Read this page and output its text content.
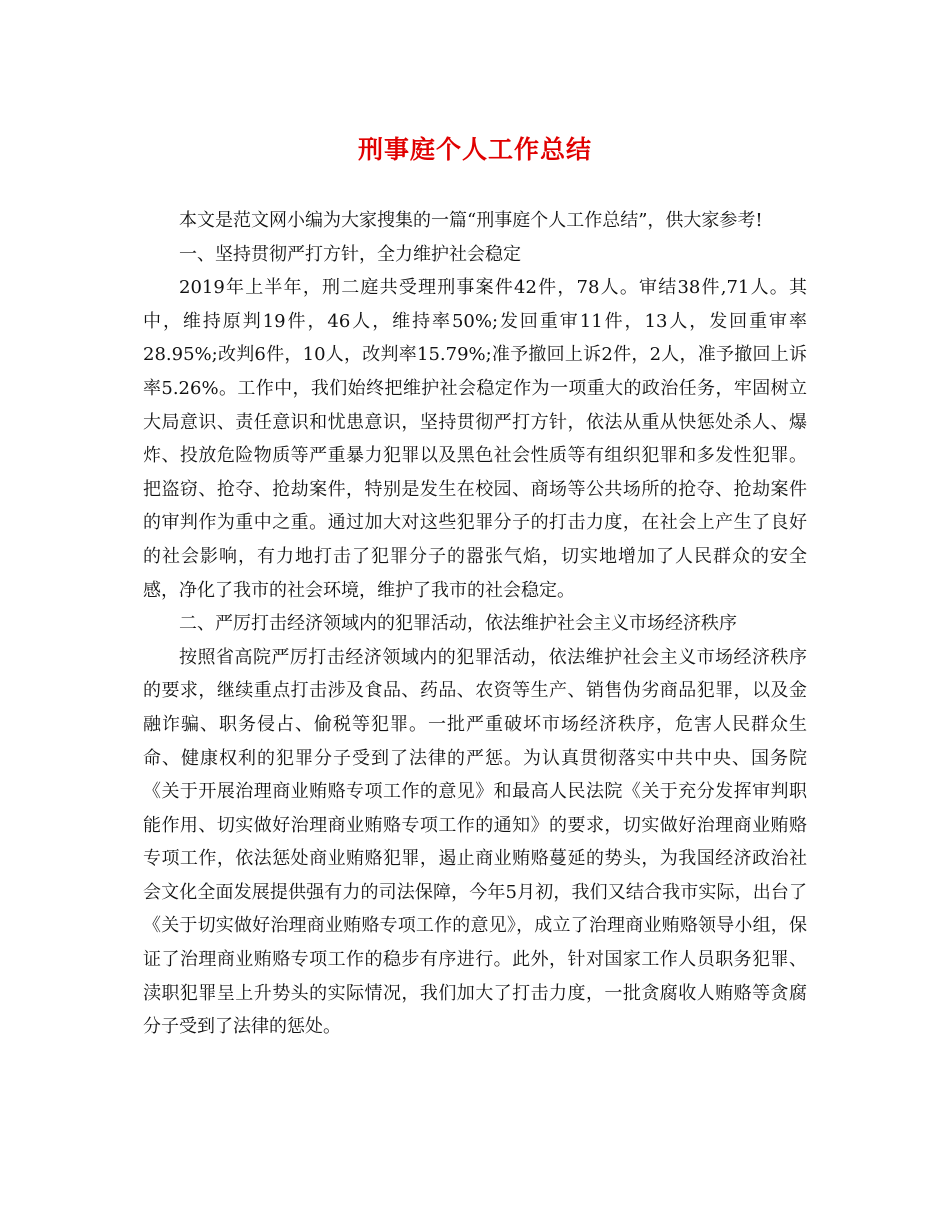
刑事庭个人工作总结

本文是范文网小编为大家搜集的一篇“刑事庭个人工作总结”，供大家参考!

一、坚持贯彻严打方针，全力维护社会稳定

2019年上半年，刑二庭共受理刑事案件42件，78人。审结38件,71人。其中，维持原判19件，46人，维持率50%;发回重审11件，13人，发回重审率28.95%;改判6件，10人，改判率15.79%;准予撤回上诉2件，2人，准予撤回上诉率5.26%。工作中，我们始终把维护社会稳定作为一项重大的政治任务，牢固树立大局意识、责任意识和忧患意识，坚持贯彻严打方针，依法从重从快惩处杀人、爆炸、投放危险物质等严重暴力犯罪以及黑色社会性质等有组织犯罪和多发性犯罪。把盗窃、抢夺、抢劫案件，特别是发生在校园、商场等公共场所的抢夺、抢劫案件的审判作为重中之重。通过加大对这些犯罪分子的打击力度，在社会上产生了良好的社会影响，有力地打击了犯罪分子的嚣张气焰，切实地增加了人民群众的安全感，净化了我市的社会环境，维护了我市的社会稳定。

二、严厉打击经济领域内的犯罪活动，依法维护社会主义市场经济秩序

按照省高院严厉打击经济领域内的犯罪活动，依法维护社会主义市场经济秩序的要求，继续重点打击涉及食品、药品、农资等生产、销售伪劣商品犯罪，以及金融诈骗、职务侵占、偷税等犯罪。一批严重破坏市场经济秩序，危害人民群众生命、健康权利的犯罪分子受到了法律的严惩。为认真贯彻落实中共中央、国务院《关于开展治理商业贿赂专项工作的意见》和最高人民法院《关于充分发挥审判职能作用、切实做好治理商业贿赂专项工作的通知》的要求，切实做好治理商业贿赂专项工作，依法惩处商业贿赂犯罪，遏止商业贿赂蔓延的势头，为我国经济政治社会文化全面发展提供强有力的司法保障，今年5月初，我们又结合我市实际，出台了《关于切实做好治理商业贿赂专项工作的意见》，成立了治理商业贿赂领导小组，保证了治理商业贿赂专项工作的稳步有序进行。此外，针对国家工作人员职务犯罪、渎职犯罪呈上升势头的实际情况，我们加大了打击力度，一批贪腐收人贿赂等贪腐分子受到了法律的惩处。
